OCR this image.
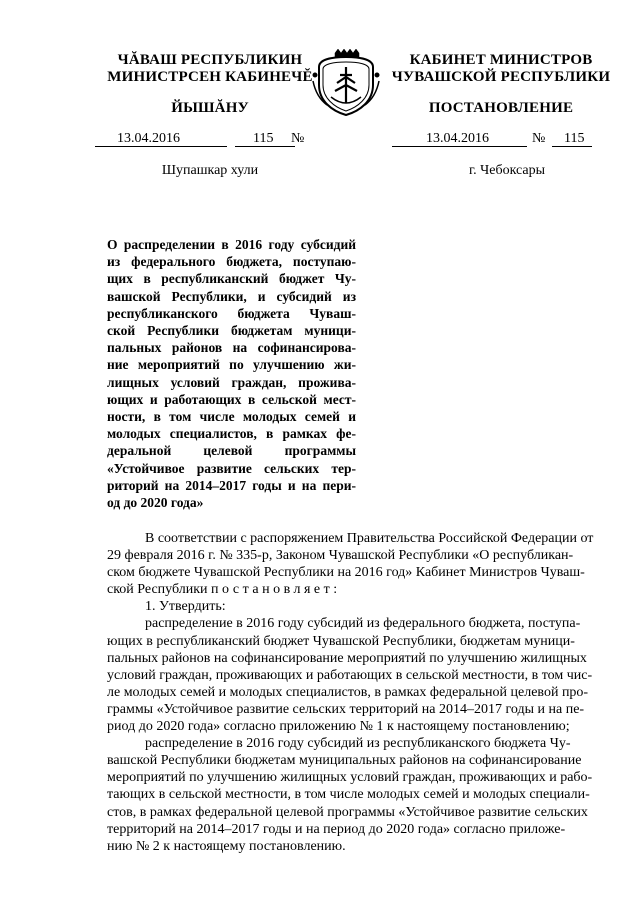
ЧĂВАШ РЕСПУБЛИКИН
МИНИСТРСЕН КАБИНЕЧĔ
ЙЫШĂНУ
КАБИНЕТ МИНИСТРОВ
ЧУВАШСКОЙ РЕСПУБЛИКИ
ПОСТАНОВЛЕНИЕ
13.04.2016	115 №
Шупашкар хули
13.04.2016	№ 115
г. Чебоксары
О распределении в 2016 году субсидий
из федерального бюджета, поступаю-
щих в республиканский бюджет Чу-
вашской Республики, и субсидий из
республиканского бюджета Чуваш-
ской Республики бюджетам муници-
пальных районов на софинансирова-
ние мероприятий по улучшению жи-
лищных условий граждан, прожива-
ющих и работающих в сельской мест-
ности, в том числе молодых семей и
молодых специалистов, в рамках фе-
деральной целевой программы
«Устойчивое развитие сельских тер-
риторий на 2014–2017 годы и на пери-
од до 2020 года»
В соответствии с распоряжением Правительства Российской Федерации от
29 февраля 2016 г. № 335-р, Законом Чувашской Республики «О республикан-
ском бюджете Чувашской Республики на 2016 год» Кабинет Министров Чуваш-
ской Республики постановляет:
1. Утвердить:
распределение в 2016 году субсидий из федерального бюджета, поступа-
ющих в республиканский бюджет Чувашской Республики, бюджетам муници-
пальных районов на софинансирование мероприятий по улучшению жилищных
условий граждан, проживающих и работающих в сельской местности, в том чис-
ле молодых семей и молодых специалистов, в рамках федеральной целевой про-
граммы «Устойчивое развитие сельских территорий на 2014–2017 годы и на пе-
риод до 2020 года» согласно приложению № 1 к настоящему постановлению;
распределение в 2016 году субсидий из республиканского бюджета Чу-
вашской Республики бюджетам муниципальных районов на софинансирование
мероприятий по улучшению жилищных условий граждан, проживающих и рабо-
тающих в сельской местности, в том числе молодых семей и молодых специали-
стов, в рамках федеральной целевой программы «Устойчивое развитие сельских
территорий на 2014–2017 годы и на период до 2020 года» согласно приложе-
нию № 2 к настоящему постановлению.
